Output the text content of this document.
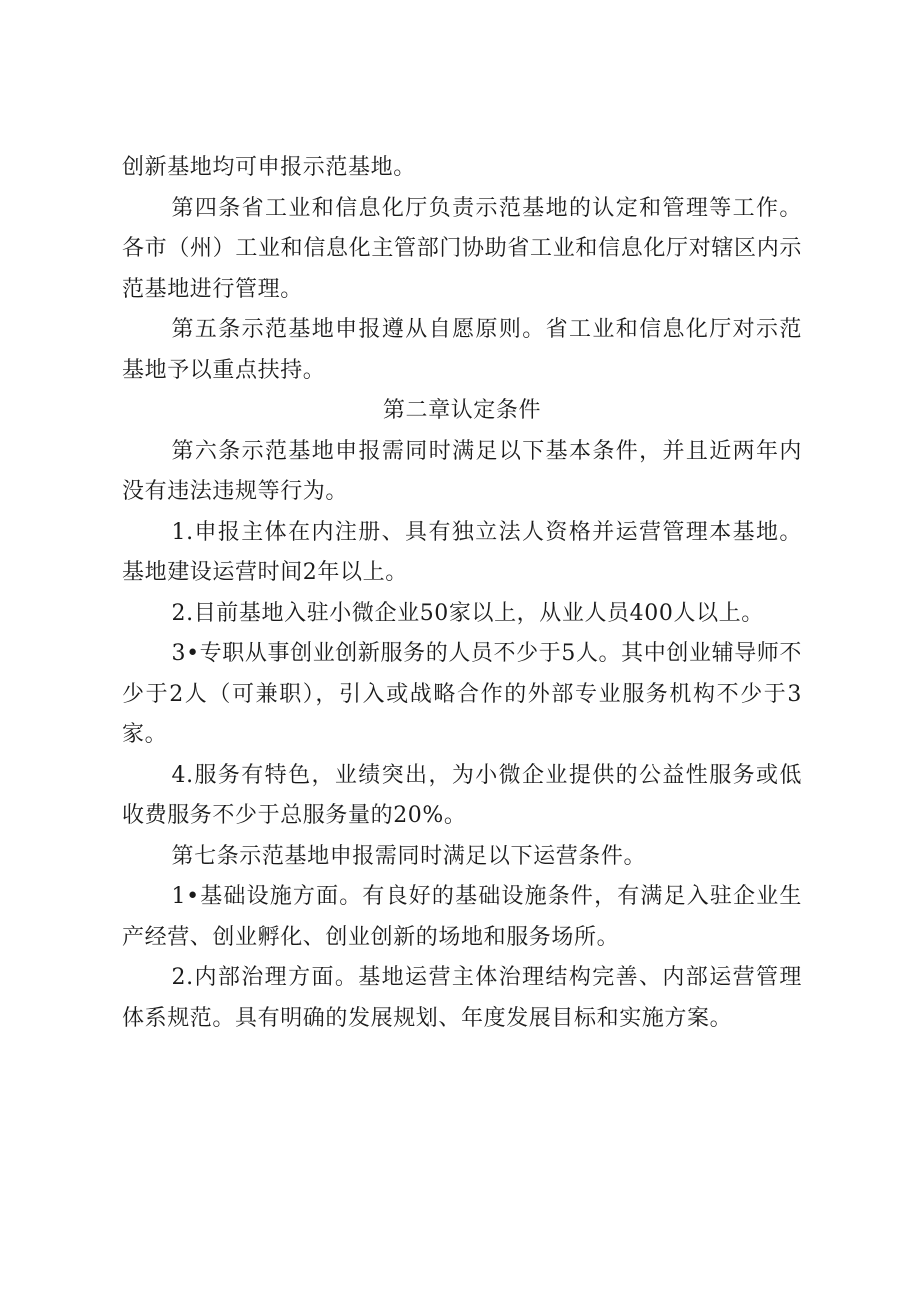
创新基地均可申报示范基地。

第四条省工业和信息化厅负责示范基地的认定和管理等工作。各市（州）工业和信息化主管部门协助省工业和信息化厅对辖区内示范基地进行管理。

第五条示范基地申报遵从自愿原则。省工业和信息化厅对示范基地予以重点扶持。

第二章认定条件

第六条示范基地申报需同时满足以下基本条件，并且近两年内没有违法违规等行为。

1.申报主体在内注册、具有独立法人资格并运营管理本基地。基地建设运营时间2年以上。

2.目前基地入驻小微企业50家以上，从业人员400人以上。

3•专职从事创业创新服务的人员不少于5人。其中创业辅导师不少于2人（可兼职），引入或战略合作的外部专业服务机构不少于3家。

4.服务有特色，业绩突出，为小微企业提供的公益性服务或低收费服务不少于总服务量的20%。

第七条示范基地申报需同时满足以下运营条件。

1•基础设施方面。有良好的基础设施条件，有满足入驻企业生产经营、创业孵化、创业创新的场地和服务场所。

2.内部治理方面。基地运营主体治理结构完善、内部运营管理体系规范。具有明确的发展规划、年度发展目标和实施方案。
